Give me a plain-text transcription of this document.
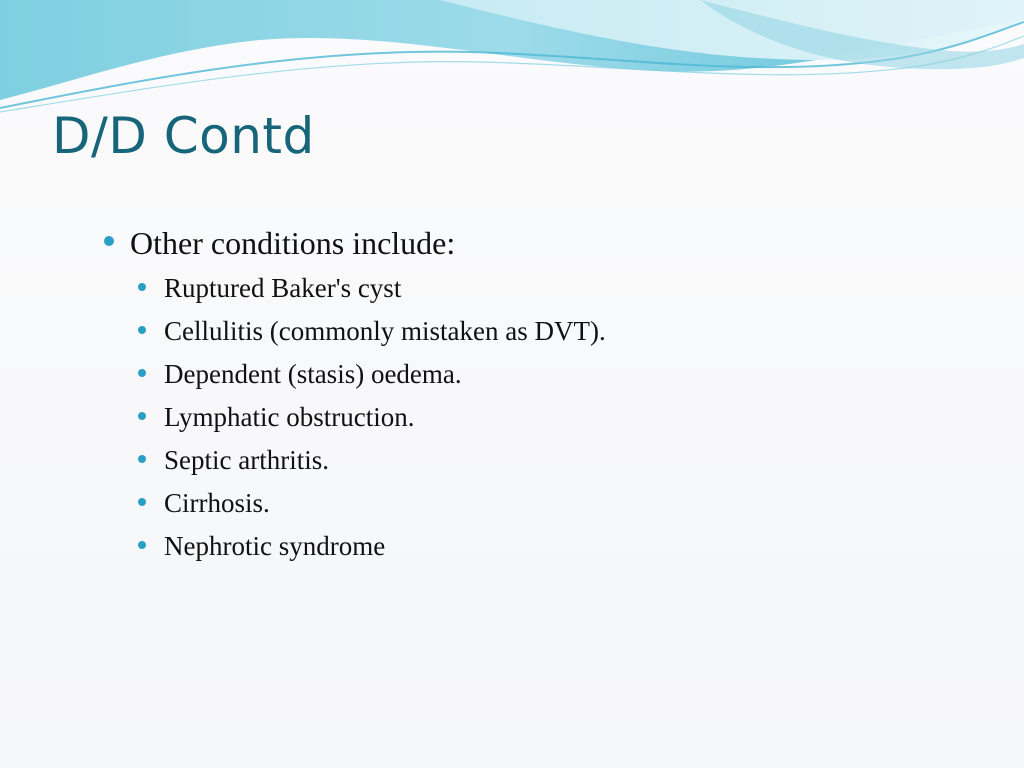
D/D Contd
Other conditions include:
Ruptured Baker's cyst
Cellulitis (commonly mistaken as DVT).
Dependent (stasis) oedema.
Lymphatic obstruction.
Septic arthritis.
Cirrhosis.
Nephrotic syndrome
